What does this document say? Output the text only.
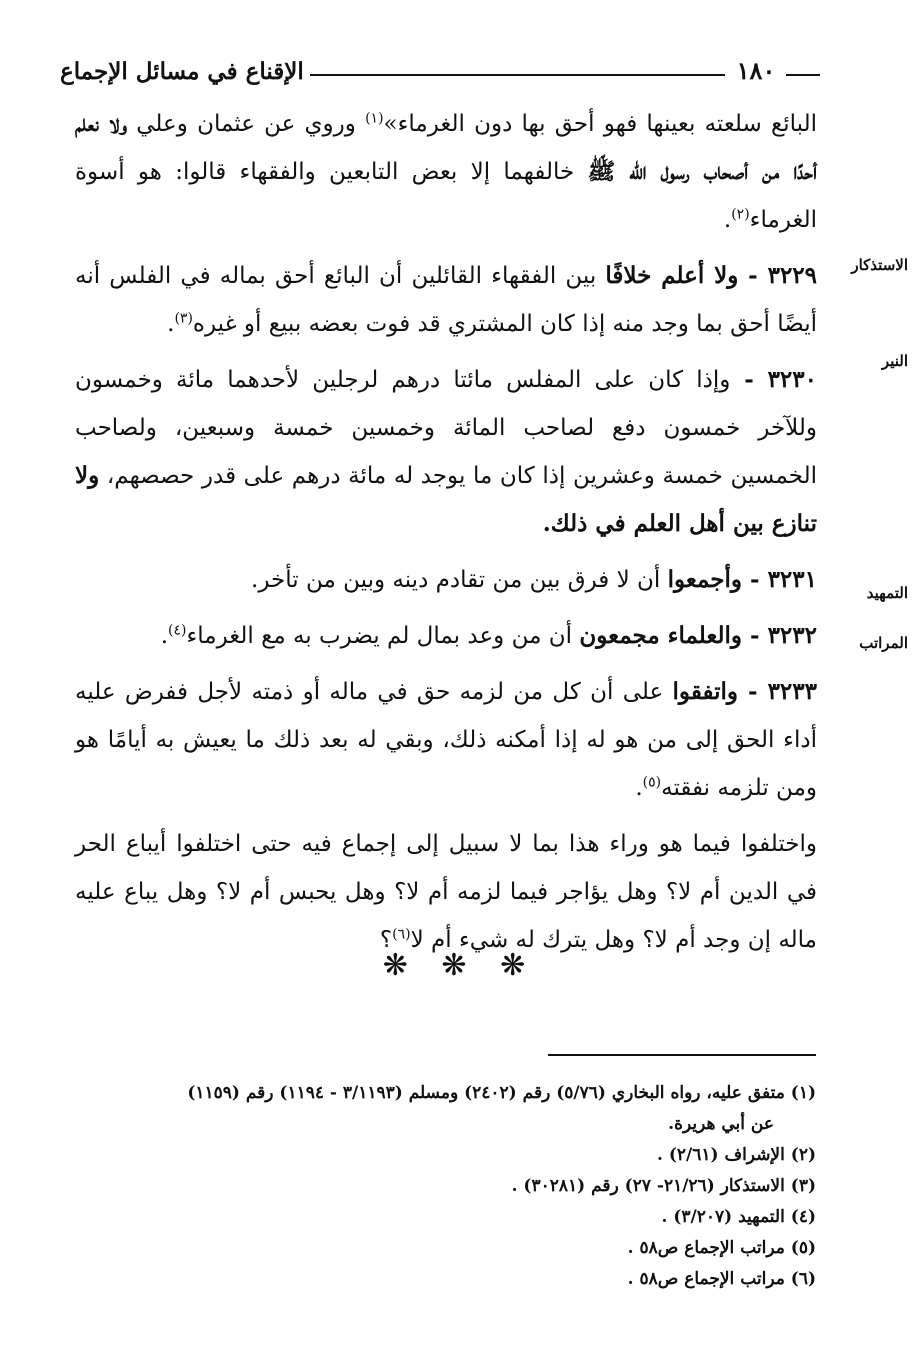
الإقناع في مسائل الإجماع	١٨٠
الاستذكار
النير
التمهيد
المراتب

البائع سلعته بعينها فهو أحق بها دون الغرماء»$^{(١)}$ وروي عن عثمان وعلي ولا نعلم أحدًا من أصحاب رسول الله ﷺ خالفهما إلا بعض التابعين والفقهاء قالوا: هو أسوة الغرماء$^{(٢)}$.

٣٢٢٩ - ولا أعلم خلافًا بين الفقهاء القائلين أن البائع أحق بماله في الفلس أنه أيضًا أحق بما وجد منه إذا كان المشتري قد فوت بعضه ببيع أو غيره$^{(٣)}$.

٣٢٣٠ - وإذا كان على المفلس مائتا درهم لرجلين لأحدهما مائة وخمسون وللآخر خمسون دفع لصاحب المائة وخمسين خمسة وسبعين، ولصاحب الخمسين خمسة وعشرين إذا كان ما يوجد له مائة درهم على قدر حصصهم، ولا تنازع بين أهل العلم في ذلك.

٣٢٣١ - وأجمعوا أن لا فرق بين من تقادم دينه وبين من تأخر.

٣٢٣٢ - والعلماء مجمعون أن من وعد بمال لم يضرب به مع الغرماء$^{(٤)}$.

٣٢٣٣ - واتفقوا على أن كل من لزمه حق في ماله أو ذمته لأجل ففرض عليه أداء الحق إلى من هو له إذا أمكنه ذلك، وبقي له بعد ذلك ما يعيش به أيامًا هو ومن تلزمه نفقته$^{(٥)}$.

واختلفوا فيما هو وراء هذا بما لا سبيل إلى إجماع فيه حتى اختلفوا أيباع الحر في الدين أم لا؟ وهل يؤاجر فيما لزمه أم لا؟ وهل يحبس أم لا؟ وهل يباع عليه ماله إن وجد أم لا؟ وهل يترك له شيء أم لا$^{(٦)}$؟

❋ ❋ ❋
(١) متفق عليه، رواه البخاري (٥/٧٦) رقم (٢٤٠٢) ومسلم (٣/١١٩٣ - ١١٩٤) رقم (١١٥٩)
عن أبي هريرة.
(٢) الإشراف (٢/٦١) .
(٣) الاستذكار (٢١/٢٦- ٢٧) رقم (٣٠٢٨١) .
(٤) التمهيد (٣/٢٠٧) .
(٥) مراتب الإجماع ص٥٨ .
(٦) مراتب الإجماع ص٥٨ .
